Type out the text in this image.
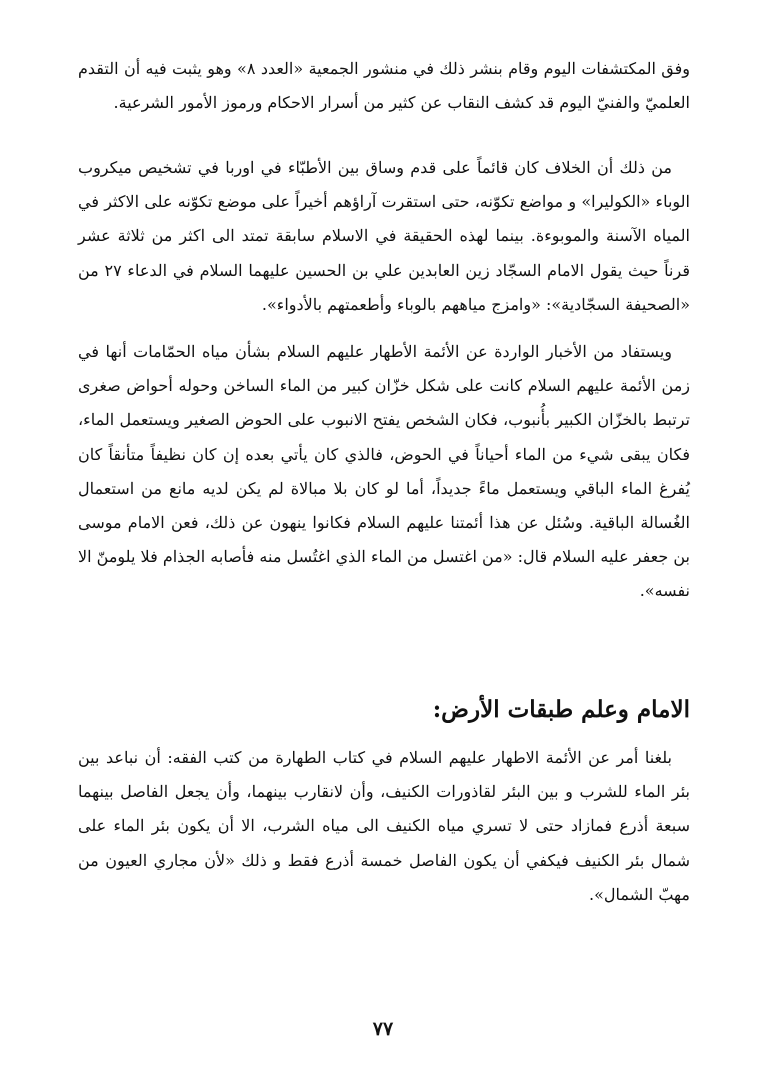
وفق المكتشفات اليوم وقام بنشر ذلك في منشور الجمعية «العدد ٨» وهو يثبت فيه أن التقدم العلميّ والفنيّ اليوم قد كشف النقاب عن كثير من أسرار الاحكام ورموز الأمور الشرعية.

من ذلك أن الخلاف كان قائماً على قدم وساق بين الأطبّاء في اوربا في تشخيص ميكروب الوباء «الكوليرا» و مواضع تكوّنه، حتى استقرت آراؤهم أخيراً على موضع تكوّنه على الاكثر في المياه الآسنة والموبوءة. بينما لهذه الحقيقة في الاسلام سابقة تمتد الى اكثر من ثلاثة عشر قرناً حيث يقول الامام السجّاد زين العابدين علي بن الحسين عليهما السلام في الدعاء ٢٧ من «الصحيفة السجّادية»: «وامزج مياههم بالوباء وأطعمتهم بالأدواء».

ويستفاد من الأخبار الواردة عن الأئمة الأطهار عليهم السلام بشأن مياه الحمّامات أنها في زمن الأئمة عليهم السلام كانت على شكل خزّان كبير من الماء الساخن وحوله أحواض صغرى ترتبط بالخزّان الكبير بأُنبوب، فكان الشخص يفتح الانبوب على الحوض الصغير ويستعمل الماء، فكان يبقى شيء من الماء أحياناً في الحوض، فالذي كان يأتي بعده إن كان نظيفاً متأنقاً كان يُفرغ الماء الباقي ويستعمل ماءً جديداً، أما لو كان بلا مبالاة لم يكن لديه مانع من استعمال الغُسالة الباقية. وسُئل عن هذا أئمتنا عليهم السلام فكانوا ينهون عن ذلك، فعن الامام موسى بن جعفر عليه السلام قال: «من اغتسل من الماء الذي اغتُسل منه فأصابه الجذام فلا يلومنّ الا نفسه».

الامام وعلم طبقات الأرض:

بلغنا أمر عن الأئمة الاطهار عليهم السلام في كتاب الطهارة من كتب الفقه: أن نباعد بين بئر الماء للشرب و بين البئر لقاذورات الكنيف، وأن لانقارب بينهما، وأن يجعل الفاصل بينهما سبعة أذرع فمازاد حتى لا تسري مياه الكنيف الى مياه الشرب، الا أن يكون بئر الماء على شمال بئر الكنيف فيكفي أن يكون الفاصل خمسة أذرع فقط و ذلك «لأن مجاري العيون من مهبّ الشمال».

٧٧
